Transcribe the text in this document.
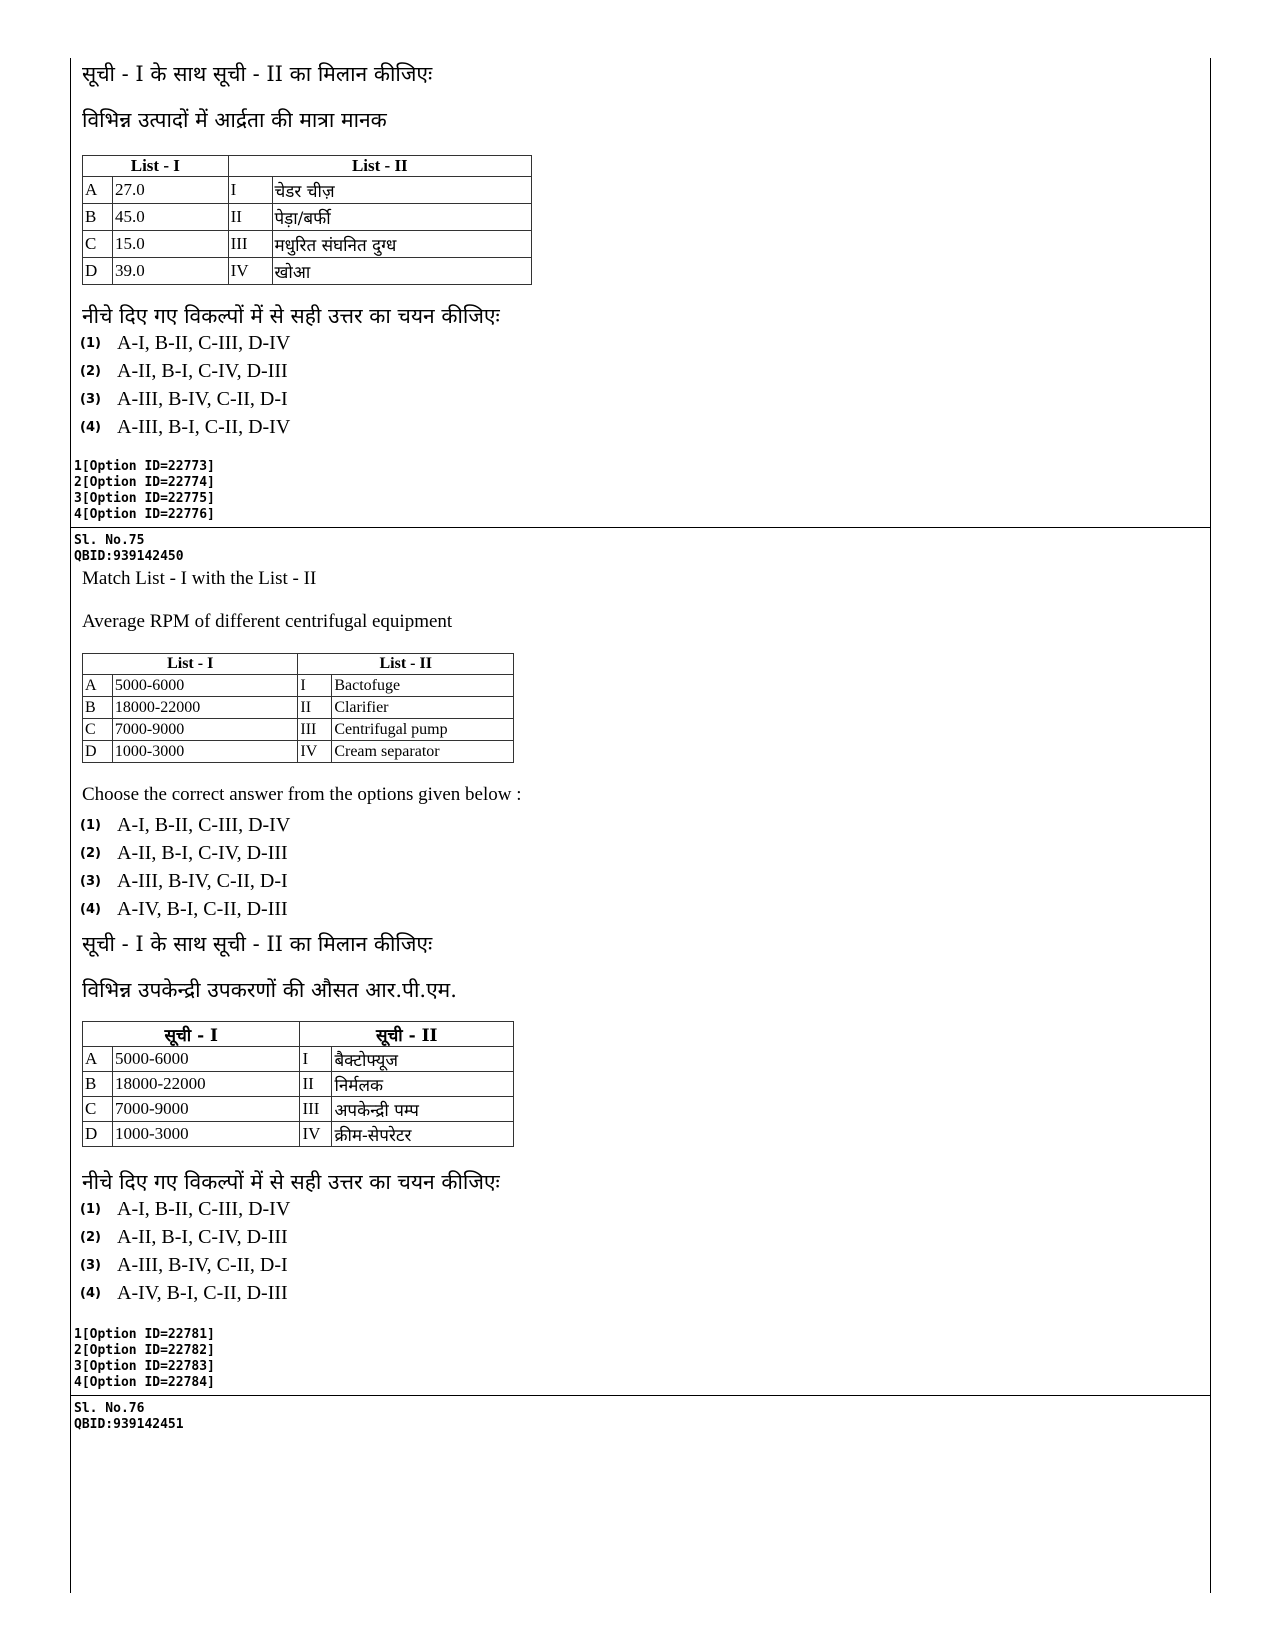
सूची - I के साथ सूची - II का मिलान कीजिएः
विभिन्न उत्पादों में आर्द्रता की मात्रा मानक
List - I		List - II	
A	27.0	I	चेडर चीज़
B	45.0	II	पेड़ा/बर्फी
C	15.0	III	मधुरित संघनित दुग्ध
D	39.0	IV	खोआ
नीचे दिए गए विकल्पों में से सही उत्तर का चयन कीजिएः
(1) A-I, B-II, C-III, D-IV
(2) A-II, B-I, C-IV, D-III
(3) A-III, B-IV, C-II, D-I
(4) A-III, B-I, C-II, D-IV
1[Option ID=22773]
2[Option ID=22774]
3[Option ID=22775]
4[Option ID=22776]
Sl. No.75
QBID:939142450
Match List - I with the List - II
Average RPM of different centrifugal equipment
List - I		List - II	
A	5000-6000	I	Bactofuge
B	18000-22000	II	Clarifier
C	7000-9000	III	Centrifugal pump
D	1000-3000	IV	Cream separator
Choose the correct answer from the options given below :
(1) A-I, B-II, C-III, D-IV
(2) A-II, B-I, C-IV, D-III
(3) A-III, B-IV, C-II, D-I
(4) A-IV, B-I, C-II, D-III
सूची - I के साथ सूची - II का मिलान कीजिएः
विभिन्न उपकेन्द्री उपकरणों की औसत आर.पी.एम.
सूची - I		सूची - II	
A	5000-6000	I	बैक्टोफ्यूज
B	18000-22000	II	निर्मलक
C	7000-9000	III	अपकेन्द्री पम्प
D	1000-3000	IV	क्रीम-सेपरेटर
नीचे दिए गए विकल्पों में से सही उत्तर का चयन कीजिएः
(1) A-I, B-II, C-III, D-IV
(2) A-II, B-I, C-IV, D-III
(3) A-III, B-IV, C-II, D-I
(4) A-IV, B-I, C-II, D-III
1[Option ID=22781]
2[Option ID=22782]
3[Option ID=22783]
4[Option ID=22784]
Sl. No.76
QBID:939142451
